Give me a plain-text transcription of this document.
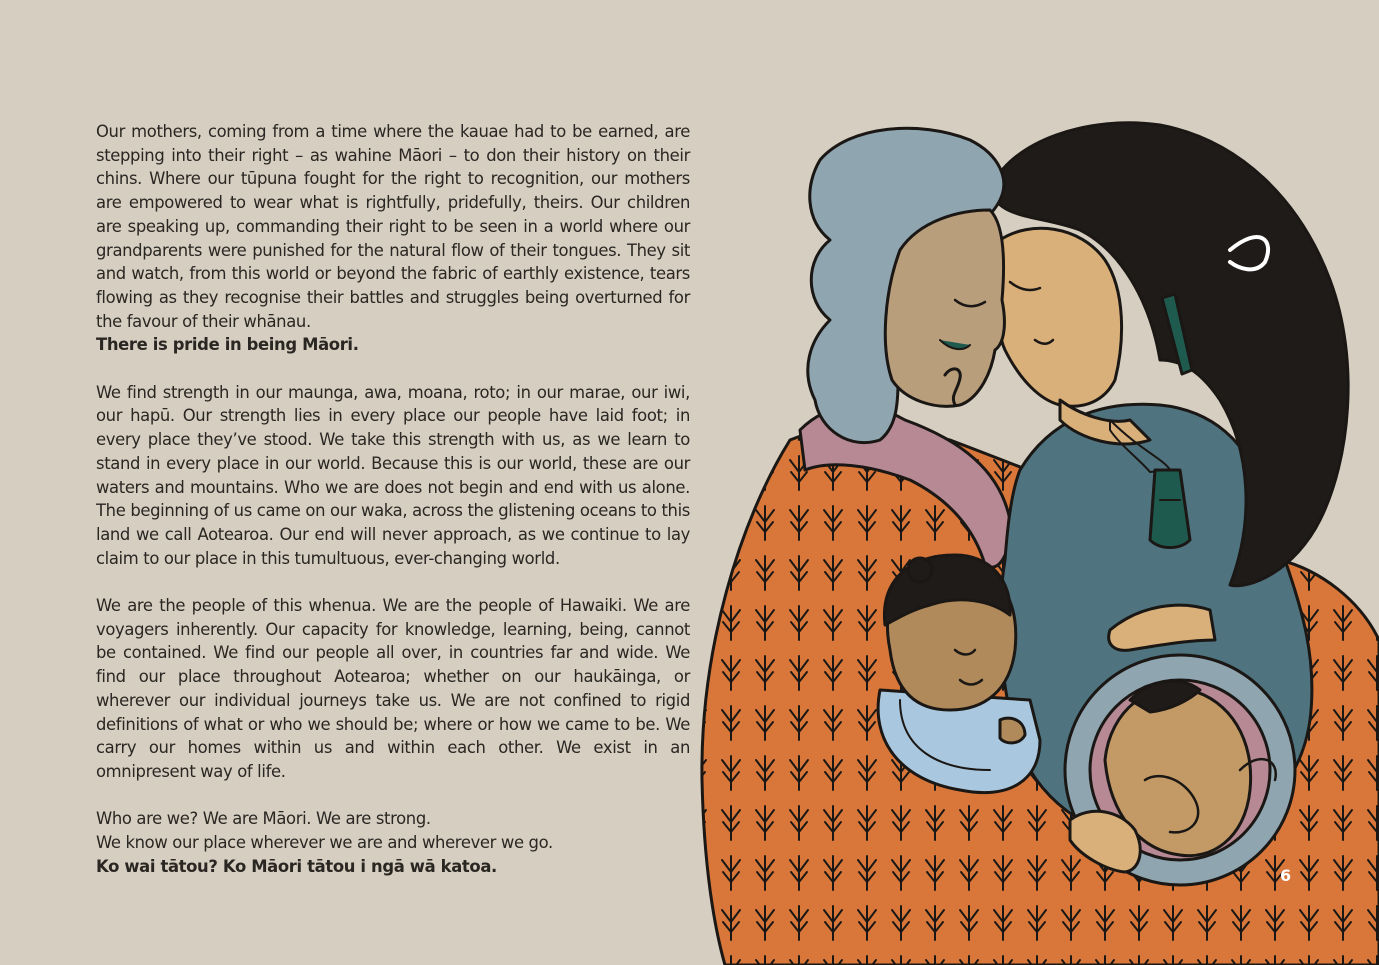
Our mothers, coming from a time where the kauae had to be earned, are stepping into their right – as wahine Māori – to don their history on their chins. Where our tūpuna fought for the right to recognition, our mothers are empowered to wear what is rightfully, pridefully, theirs. Our children are speaking up, commanding their right to be seen in a world where our grandparents were punished for the natural flow of their tongues. They sit and watch, from this world or beyond the fabric of earthly existence, tears flowing as they recognise their battles and struggles being overturned for the favour of their whānau.
There is pride in being Māori.

We find strength in our maunga, awa, moana, roto; in our marae, our iwi, our hapū. Our strength lies in every place our people have laid foot; in every place they’ve stood. We take this strength with us, as we learn to stand in every place in our world. Because this is our world, these are our waters and mountains. Who we are does not begin and end with us alone. The beginning of us came on our waka, across the glistening oceans to this land we call Aotearoa. Our end will never approach, as we continue to lay claim to our place in this tumultuous, ever-changing world.

We are the people of this whenua. We are the people of Hawaiki. We are voyagers inherently. Our capacity for knowledge, learning, being, cannot be contained. We find our people all over, in countries far and wide. We find our place throughout Aotearoa; whether on our haukāinga, or wherever our individual journeys take us. We are not confined to rigid definitions of what or who we should be; where or how we came to be. We carry our homes within us and within each other. We exist in an omnipresent way of life.

Who are we? We are Māori. We are strong.
We know our place wherever we are and wherever we go.
Ko wai tātou? Ko Māori tātou i ngā wā katoa.	6
